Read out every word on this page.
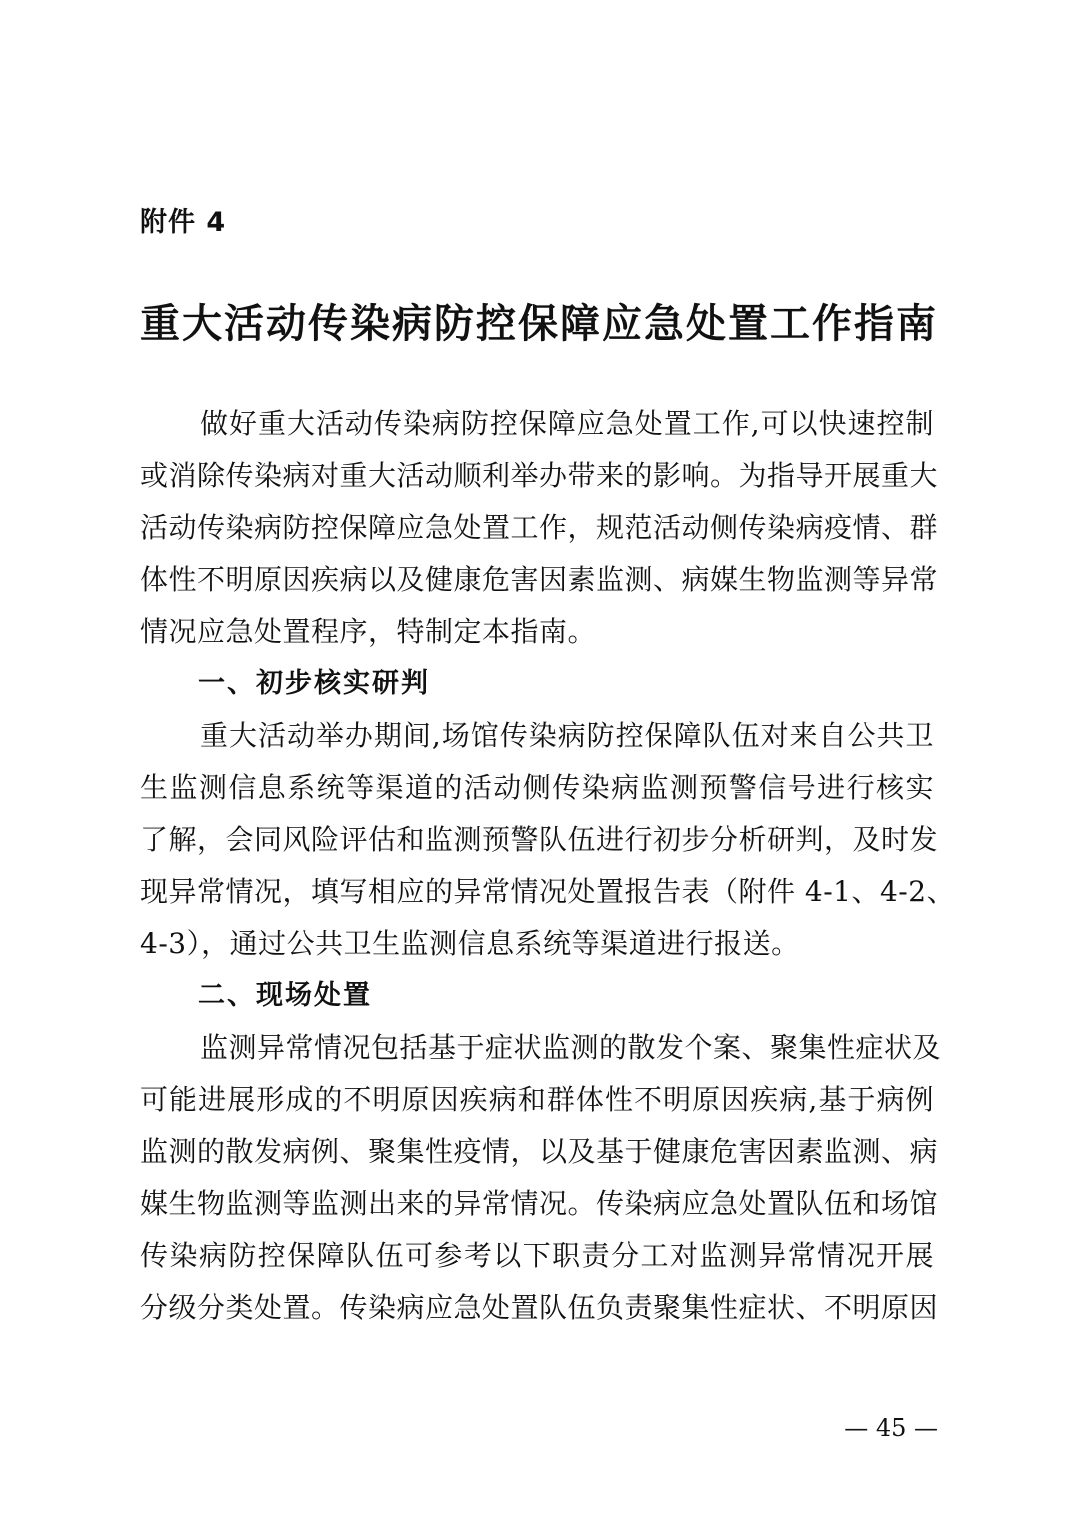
附件 4
重大活动传染病防控保障应急处置工作指南
做好重大活动传染病防控保障应急处置工作,可以快速控制
或消除传染病对重大活动顺利举办带来的影响。为指导开展重大
活动传染病防控保障应急处置工作，规范活动侧传染病疫情、群
体性不明原因疾病以及健康危害因素监测、病媒生物监测等异常
情况应急处置程序，特制定本指南。
一、初步核实研判
重大活动举办期间,场馆传染病防控保障队伍对来自公共卫
生监测信息系统等渠道的活动侧传染病监测预警信号进行核实
了解，会同风险评估和监测预警队伍进行初步分析研判，及时发
现异常情况，填写相应的异常情况处置报告表（附件 4-1、4-2、
4-3），通过公共卫生监测信息系统等渠道进行报送。
二、现场处置
监测异常情况包括基于症状监测的散发个案、聚集性症状及
可能进展形成的不明原因疾病和群体性不明原因疾病,基于病例
监测的散发病例、聚集性疫情，以及基于健康危害因素监测、病
媒生物监测等监测出来的异常情况。传染病应急处置队伍和场馆
传染病防控保障队伍可参考以下职责分工对监测异常情况开展
分级分类处置。传染病应急处置队伍负责聚集性症状、不明原因
— 45 —
